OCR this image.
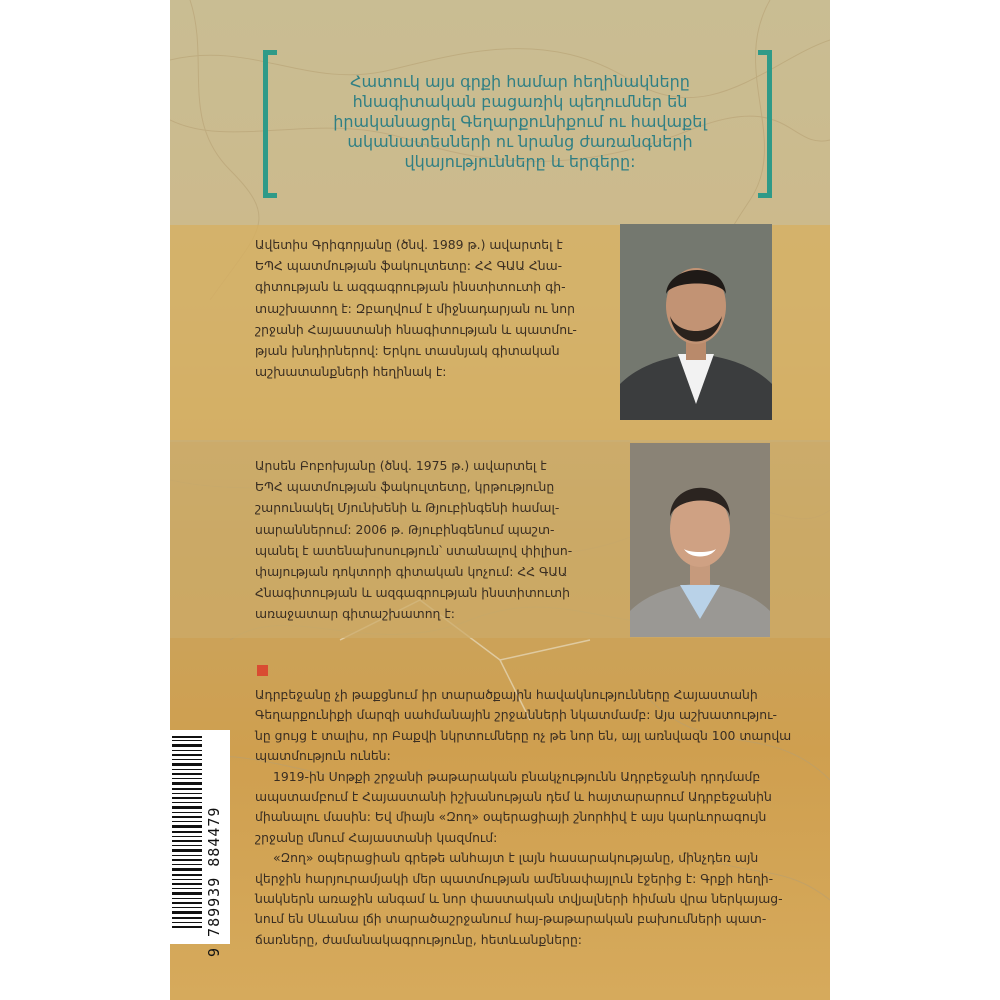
Հատուկ այս գրքի համար հեղինակները
հնագիտական բացառիկ պեղումներ են
իրականացրել Գեղարքունիքում ու հավաքել
ականատեսների ու նրանց ժառանգների
վկայությունները և երգերը:
Ավետիս Գրիգորյանը (ծնվ. 1989 թ.) ավարտել է
ԵՊՀ պատմության ֆակուլտետը: ՀՀ ԳԱԱ Հնա-
գիտության և ազգագրության ինստիտուտի գի-
տաշխատող է: Զբաղվում է միջնադարյան ու նոր
շրջանի Հայաստանի հնագիտության և պատմու-
թյան խնդիրներով: Երկու տասնյակ գիտական
աշխատանքների հեղինակ է:
Արսեն Բոբոխյանը (ծնվ. 1975 թ.) ավարտել է
ԵՊՀ պատմության ֆակուլտետը, կրթությունը
շարունակել Մյունխենի և Թյուբինգենի համալ-
սարաններում: 2006 թ. Թյուբինգենում պաշտ-
պանել է ատենախոսություն՝ ստանալով փիլիսո-
փայության դոկտորի գիտական կոչում: ՀՀ ԳԱԱ
Հնագիտության և ազգագրության ինստիտուտի
առաջատար գիտաշխատող է:
Ադրբեջանը չի թաքցնում իր տարածքային հավակնությունները Հայաստանի
Գեղարքունիքի մարզի սահմանային շրջանների նկատմամբ: Այս աշխատությու-
նը ցույց է տալիս, որ Բաքվի նկրտումները ոչ թե նոր են, այլ առնվազն 100 տարվա
պատմություն ունեն:
1919-ին Սոթքի շրջանի թաթարական բնակչությունն Ադրբեջանի դրդմամբ
ապստամբում է Հայաստանի իշխանության դեմ և հայտարարում Ադրբեջանին
միանալու մասին: Եվ միայն «Զող» օպերացիայի շնորհիվ է այս կարևորագույն
շրջանը մնում Հայաստանի կազմում:
«Զող» օպերացիան գրեթե անհայտ է լայն հասարակությանը, մինչդեռ այն
վերջին հարյուրամյակի մեր պատմության ամենափայլուն էջերից է: Գրքի հեղի-
նակներն առաջին անգամ և նոր փաստական տվյալների հիման վրա ներկայաց-
նում են Սևանա լճի տարածաշրջանում հայ-թաթարական բախումների պատ-
ճառները, ժամանակագրությունը, հետևանքները:
9 789939 884479
